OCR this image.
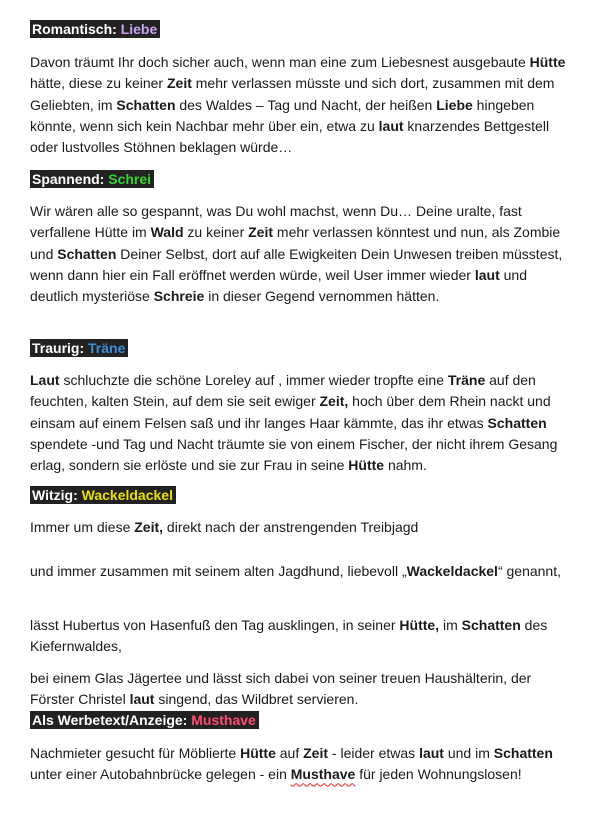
Romantisch: Liebe

Davon träumt Ihr doch sicher auch, wenn man eine zum Liebesnest ausgebaute Hütte hätte, diese zu keiner Zeit mehr verlassen müsste und sich dort, zusammen mit dem Geliebten, im Schatten des Waldes – Tag und Nacht, der heißen Liebe hingeben könnte, wenn sich kein Nachbar mehr über ein, etwa zu laut knarzendes Bettgestell oder lustvolles Stöhnen beklagen würde…

Spannend: Schrei

Wir wären alle so gespannt, was Du wohl machst, wenn Du… Deine uralte, fast verfallene Hütte im Wald zu keiner Zeit mehr verlassen könntest und nun, als Zombie und Schatten Deiner Selbst, dort auf alle Ewigkeiten Dein Unwesen treiben müsstest, wenn dann hier ein Fall eröffnet werden würde, weil User immer wieder laut und deutlich mysteriöse Schreie in dieser Gegend vernommen hätten.

Traurig: Träne

Laut schluchzte die schöne Loreley auf , immer wieder tropfte eine Träne auf den feuchten, kalten Stein, auf dem sie seit ewiger Zeit, hoch über dem Rhein nackt und einsam auf einem Felsen saß und ihr langes Haar kämmte, das ihr etwas Schatten spendete -und Tag und Nacht träumte sie von einem Fischer, der nicht ihrem Gesang erlag, sondern sie erlöste und sie zur Frau in seine Hütte nahm.

Witzig: Wackeldackel

Immer um diese Zeit, direkt nach der anstrengenden Treibjagd

und immer zusammen mit seinem alten Jagdhund, liebevoll „Wackeldackel“ genannt,

lässt Hubertus von Hasenfuß den Tag ausklingen, in seiner Hütte, im Schatten des Kiefernwaldes,

bei einem Glas Jägertee und lässt sich dabei von seiner treuen Haushälterin, der Förster Christel laut singend, das Wildbret servieren.

Als Werbetext/Anzeige: Musthave

Nachmieter gesucht für Möblierte Hütte auf Zeit - leider etwas laut und im Schatten unter einer Autobahnbrücke gelegen - ein Musthave für jeden Wohnungslosen!
